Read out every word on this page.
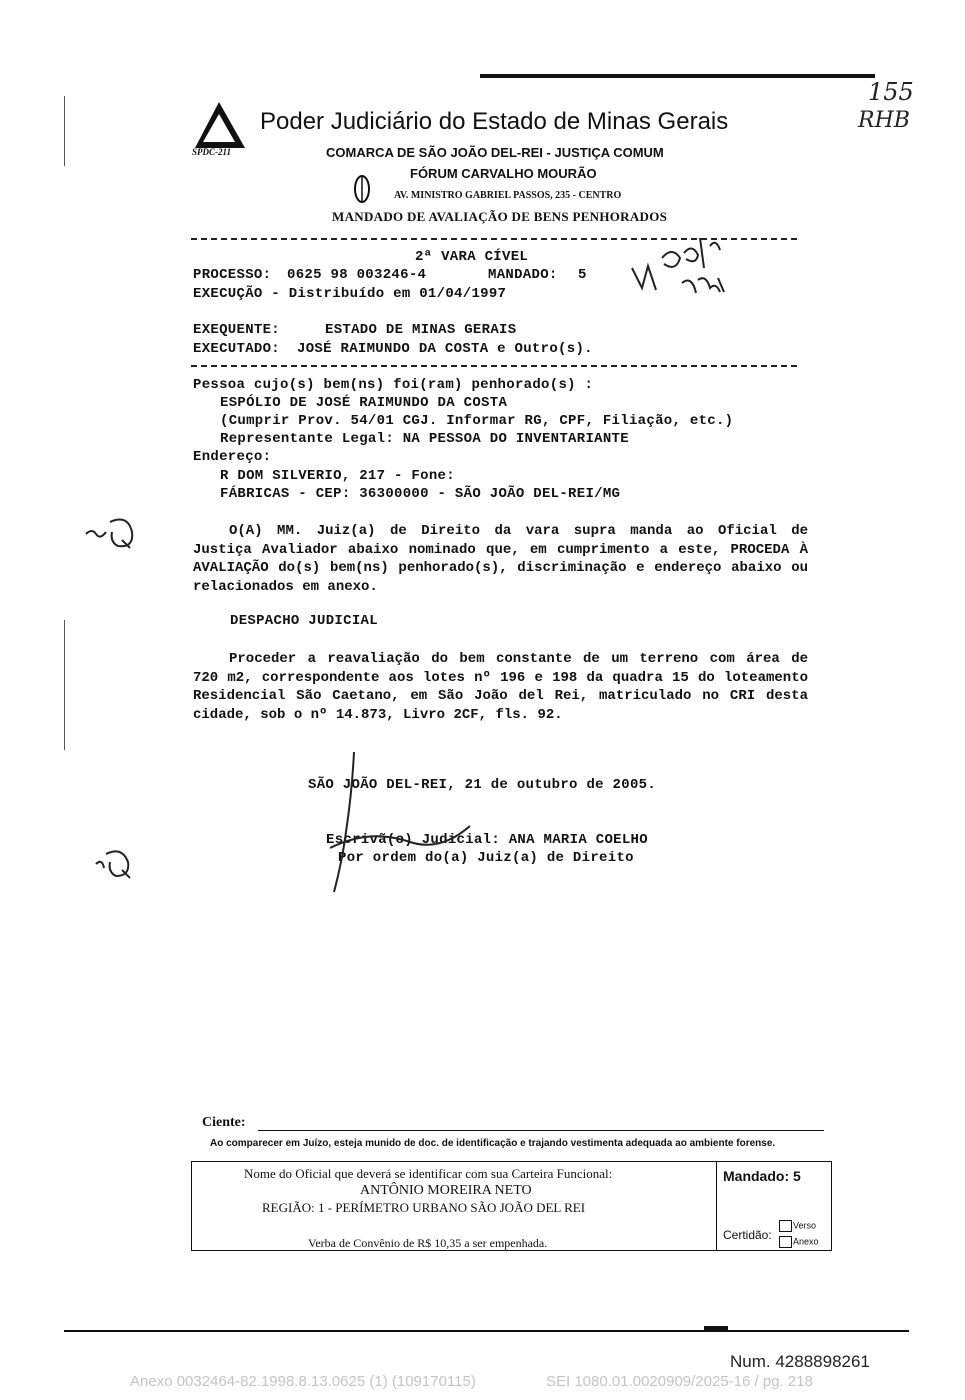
155
RHB
SPDC-211
Poder Judiciário do Estado de Minas Gerais
COMARCA DE SÃO JOÃO DEL-REI - JUSTIÇA COMUM
FÓRUM CARVALHO MOURÃO
AV. MINISTRO GABRIEL PASSOS, 235 - CENTRO
MANDADO DE AVALIAÇÃO DE BENS PENHORADOS
2ª VARA CÍVEL
PROCESSO: 0625 98 003246-4	MANDADO: 5
EXECUÇÃO - Distribuído em 01/04/1997
EXEQUENTE:	ESTADO DE MINAS GERAIS
EXECUTADO: JOSÉ RAIMUNDO DA COSTA e Outro(s).
Pessoa cujo(s) bem(ns) foi(ram) penhorado(s) :
ESPÓLIO DE JOSÉ RAIMUNDO DA COSTA
(Cumprir Prov. 54/01 CGJ. Informar RG, CPF, Filiação, etc.)
Representante Legal: NA PESSOA DO INVENTARIANTE
Endereço:
R DOM SILVERIO, 217 - Fone:
FÁBRICAS - CEP: 36300000 - SÃO JOÃO DEL-REI/MG
O(A) MM. Juiz(a) de Direito da vara supra manda ao Oficial de Justiça Avaliador abaixo nominado que, em cumprimento a este, PROCEDA À AVALIAÇÃO do(s) bem(ns) penhorado(s), discriminação e endereço abaixo ou relacionados em anexo.
DESPACHO JUDICIAL
Proceder a reavaliação do bem constante de um terreno com área de 720 m2, correspondente aos lotes nº 196 e 198 da quadra 15 do loteamento Residencial São Caetano, em São João del Rei, matriculado no CRI desta cidade, sob o nº 14.873, Livro 2CF, fls. 92.
SÃO JOÃO DEL-REI, 21 de outubro de 2005.
Escrivã(o) Judicial: ANA MARIA COELHO
Por ordem do(a) Juiz(a) de Direito
Ciente:
Ao comparecer em Juízo, esteja munido de doc. de identificação e trajando vestimenta adequada ao ambiente forense.
Nome do Oficial que deverá se identificar com sua Carteira Funcional:
ANTÔNIO MOREIRA NETO
REGIÃO: 1 - PERÍMETRO URBANO SÃO JOÃO DEL REI
Verba de Convênio de R$ 10,35 a ser empenhada.
Mandado: 5
Certidão:
Verso
Anexo
Num. 4288898261
Anexo 0032464-82.1998.8.13.0625 (1) (109170115)	SEI 1080.01.0020909/2025-16 / pg. 218
